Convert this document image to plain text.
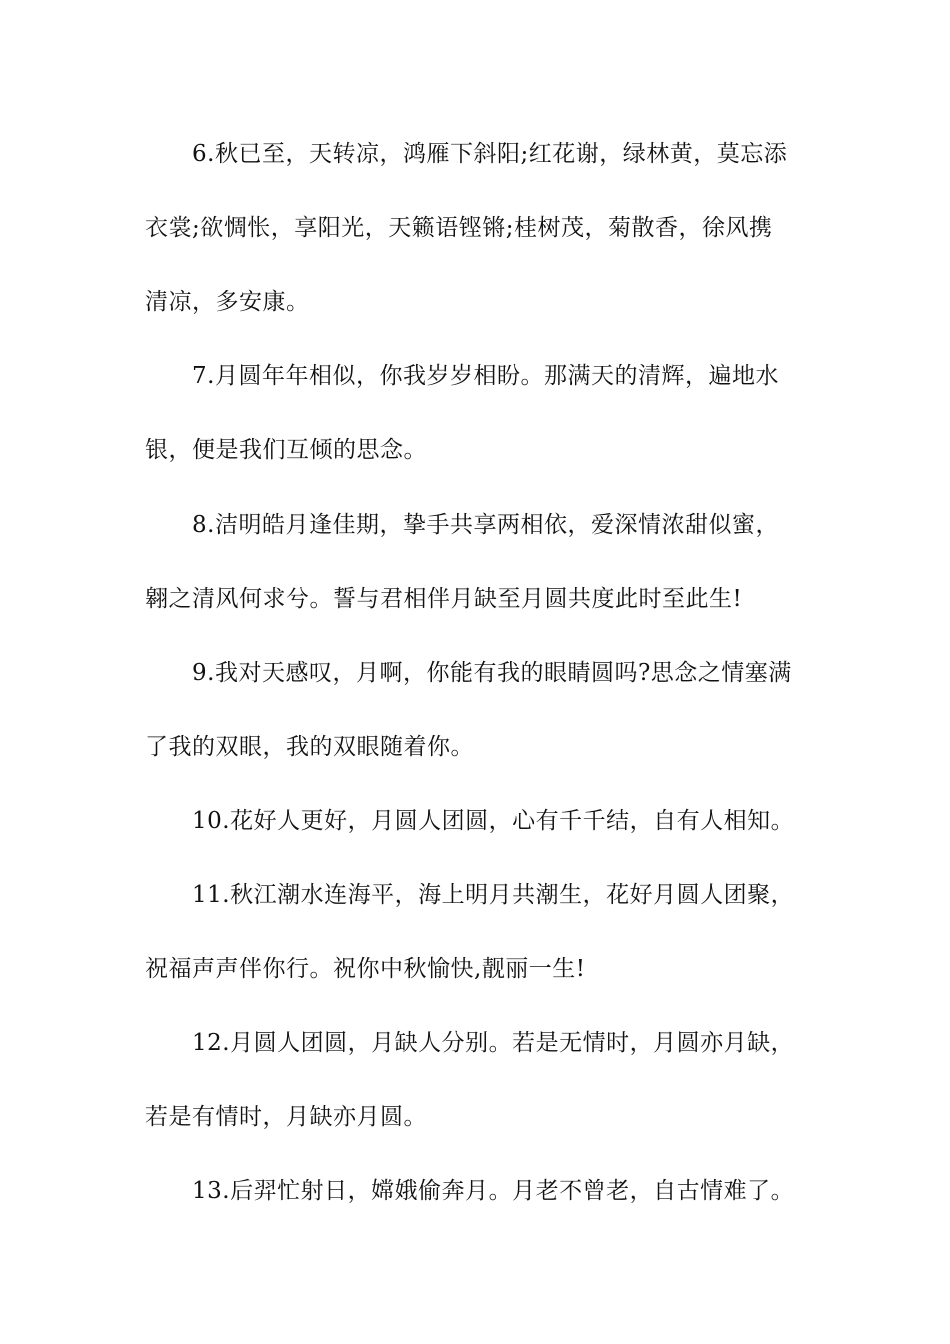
6.秋已至，天转凉，鸿雁下斜阳;红花谢，绿林黄，莫忘添
衣裳;欲惆怅，享阳光，天籁语铿锵;桂树茂，菊散香，徐风携
清凉，多安康。
7.月圆年年相似，你我岁岁相盼。那满天的清辉，遍地水
银，便是我们互倾的思念。
8.洁明皓月逢佳期，挚手共享两相依，爱深情浓甜似蜜，
翱之清风何求兮。誓与君相伴月缺至月圆共度此时至此生!
9.我对天感叹，月啊，你能有我的眼睛圆吗?思念之情塞满
了我的双眼，我的双眼随着你。
10.花好人更好，月圆人团圆，心有千千结，自有人相知。
11.秋江潮水连海平，海上明月共潮生，花好月圆人团聚，
祝福声声伴你行。祝你中秋愉快,靓丽一生!
12.月圆人团圆，月缺人分别。若是无情时，月圆亦月缺，
若是有情时，月缺亦月圆。
13.后羿忙射日，嫦娥偷奔月。月老不曾老，自古情难了。
